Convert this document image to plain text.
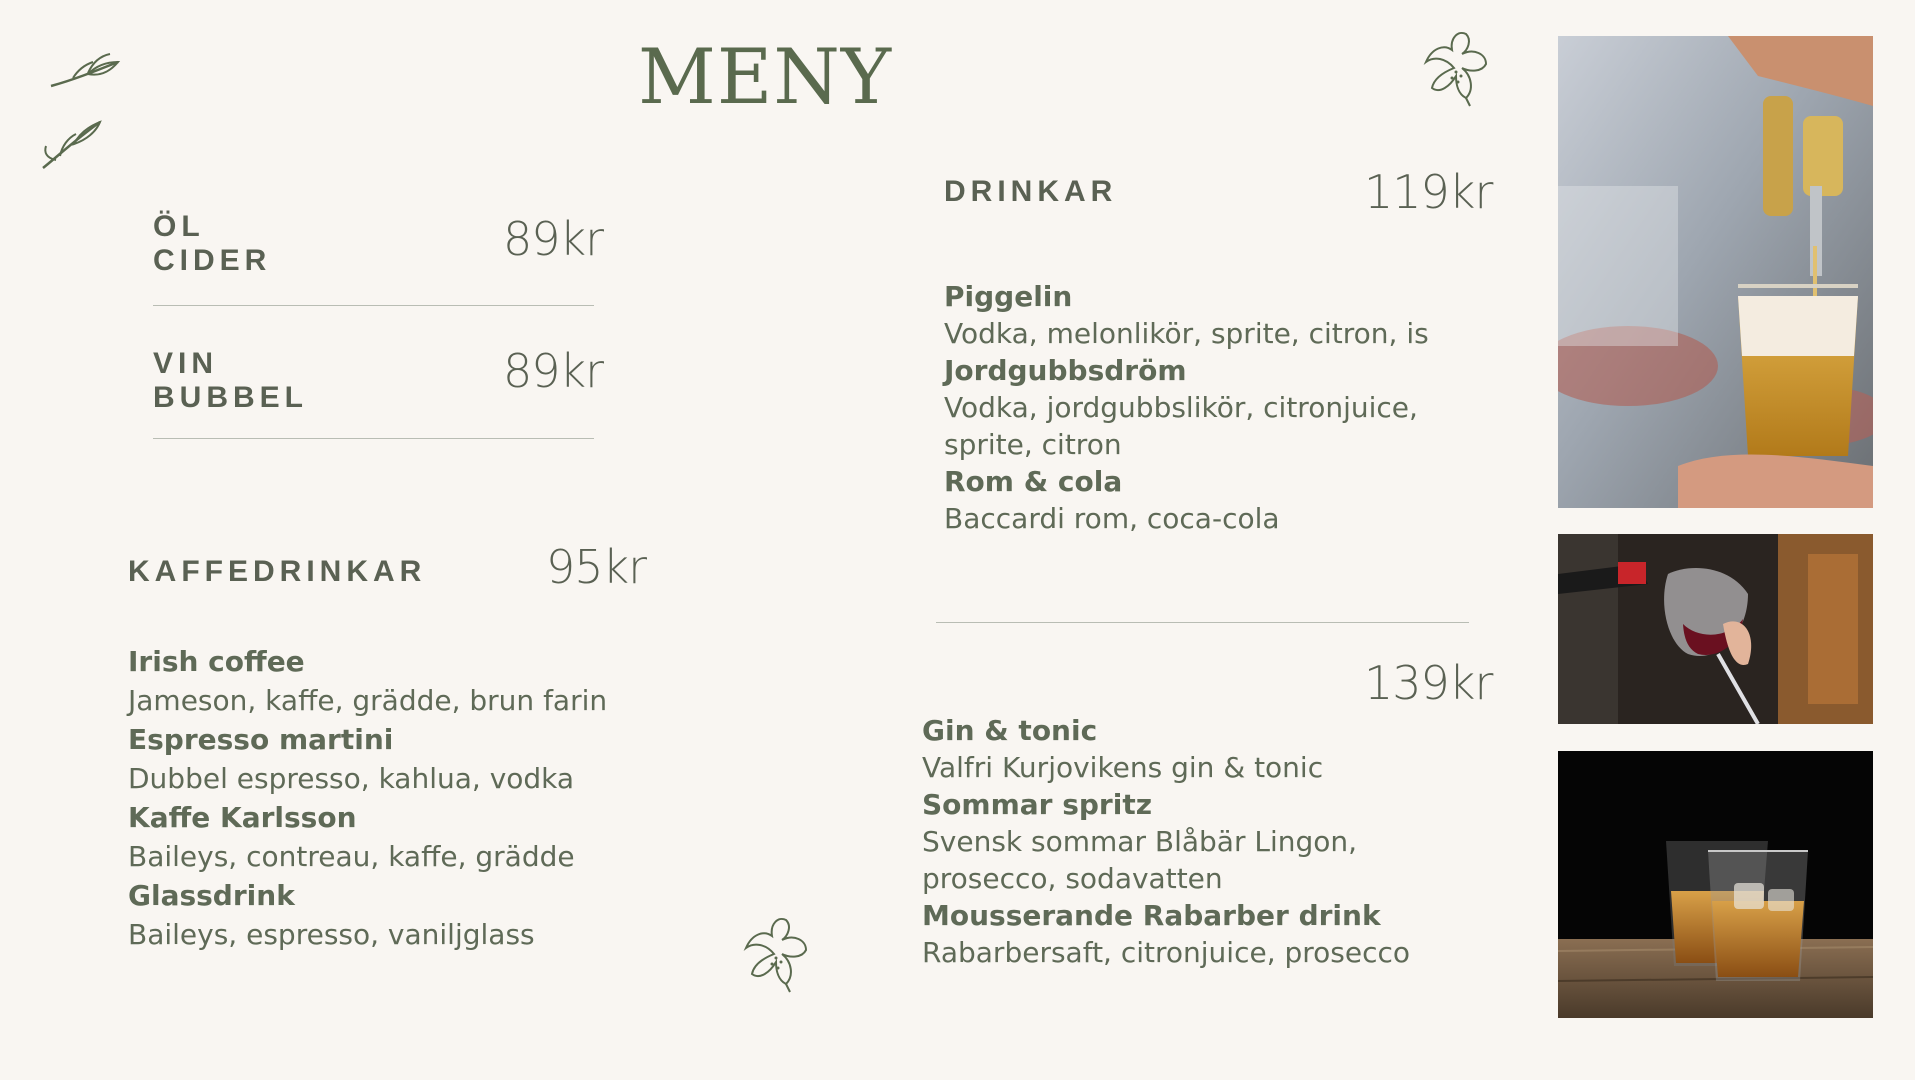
MENY
ÖL
CIDER	89kr
VIN
BUBBEL	89kr
KAFFEDRINKAR	95kr
Irish coffee
Jameson, kaffe, grädde, brun farin
Espresso martini
Dubbel espresso, kahlua, vodka
Kaffe Karlsson
Baileys, contreau, kaffe, grädde
Glassdrink
Baileys, espresso, vaniljglass
DRINKAR	119kr
Piggelin
Vodka, melonlikör, sprite, citron, is
Jordgubbsdröm
Vodka, jordgubbslikör, citronjuice, sprite, citron
Rom & cola
Baccardi rom, coca-cola
139kr
Gin & tonic
Valfri Kurjovikens gin & tonic
Sommar spritz
Svensk sommar Blåbär Lingon, prosecco, sodavatten
Mousserande Rabarber drink
Rabarbersaft, citronjuice, prosecco
